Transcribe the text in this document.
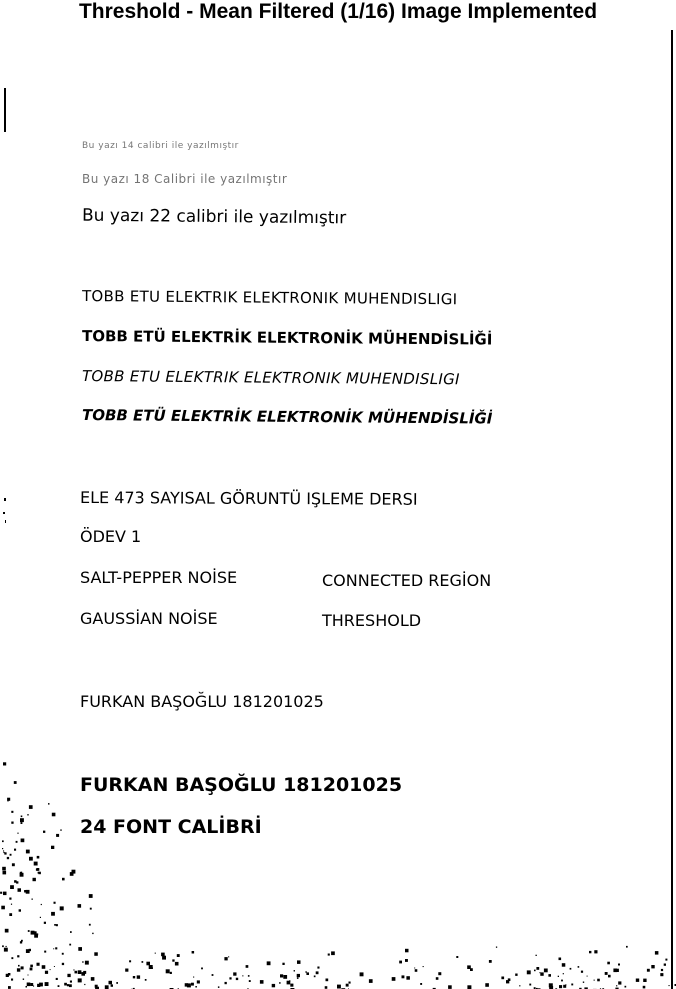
Threshold - Mean Filtered (1/16) Image Implemented
Bu yazı 14 calibri ile yazılmıştır
Bu yazı 18 Calibri ile yazılmıştır
Bu yazı 22 calibri ile yazılmıştır
TOBB ETU ELEKTRIK ELEKTRONIK MUHENDISLIGI
TOBB ETÜ ELEKTRİK ELEKTRONİK MÜHENDİSLİĞİ
TOBB ETU ELEKTRIK ELEKTRONIK MUHENDISLIGI
TOBB ETÜ ELEKTRİK ELEKTRONİK MÜHENDİSLİĞİ
ELE 473 SAYISAL GÖRUNTÜ IŞLEME DERSI
ÖDEV 1
SALT-PEPPER NOİSE	CONNECTED REGİON
GAUSSİAN NOİSE	THRESHOLD
FURKAN BAŞOĞLU 181201025
FURKAN BAŞOĞLU 181201025
24 FONT CALİBRİ
